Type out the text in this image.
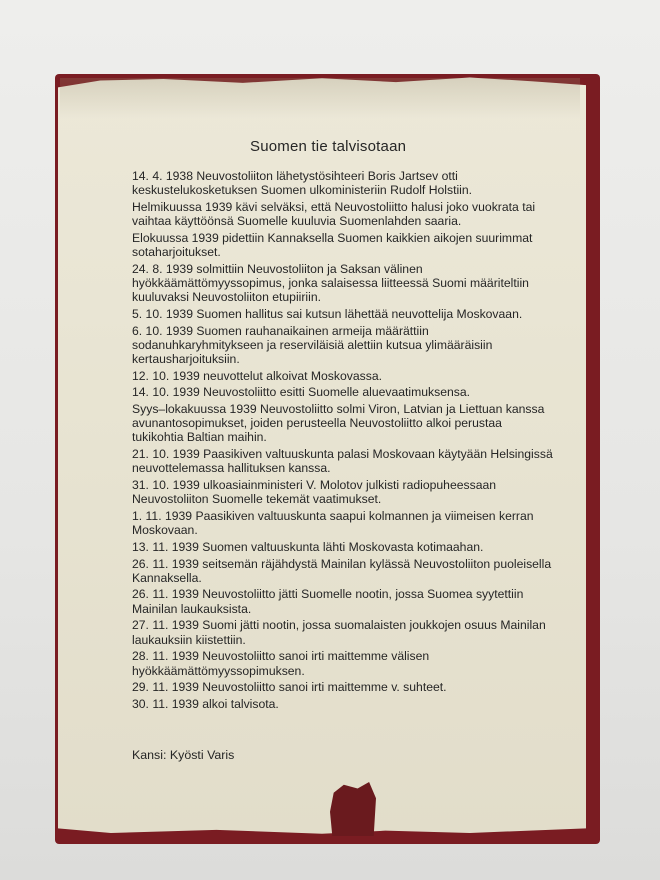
Suomen tie talvisotaan
14. 4. 1938 Neuvostoliiton lähetystösihteeri Boris Jartsev otti keskustelukosketuksen Suomen ulkoministeriin Rudolf Holstiin.
Helmikuussa 1939 kävi selväksi, että Neuvostoliitto halusi joko vuokrata tai vaihtaa käyttöönsä Suomelle kuuluvia Suomenlahden saaria.
Elokuussa 1939 pidettiin Kannaksella Suomen kaikkien aikojen suurimmat sotaharjoitukset.
24. 8. 1939 solmittiin Neuvostoliiton ja Saksan välinen hyökkäämättömyyssopimus, jonka salaisessa liitteessä Suomi määriteltiin kuuluvaksi Neuvostoliiton etupiiriin.
5. 10. 1939 Suomen hallitus sai kutsun lähettää neuvottelija Moskovaan.
6. 10. 1939 Suomen rauhanaikainen armeija määrättiin sodanuhkaryhmitykseen ja reserviläisiä alettiin kutsua ylimääräisiin kertausharjoituksiin.
12. 10. 1939 neuvottelut alkoivat Moskovassa.
14. 10. 1939 Neuvostoliitto esitti Suomelle aluevaatimuksensa.
Syys–lokakuussa 1939 Neuvostoliitto solmi Viron, Latvian ja Liettuan kanssa avunantosopimukset, joiden perusteella Neuvostoliitto alkoi perustaa tukikohtia Baltian maihin.
21. 10. 1939 Paasikiven valtuuskunta palasi Moskovaan käytyään Helsingissä neuvottelemassa hallituksen kanssa.
31. 10. 1939 ulkoasiainministeri V. Molotov julkisti radiopuheessaan Neuvostoliiton Suomelle tekemät vaatimukset.
1. 11. 1939 Paasikiven valtuuskunta saapui kolmannen ja viimeisen kerran Moskovaan.
13. 11. 1939 Suomen valtuuskunta lähti Moskovasta kotimaahan.
26. 11. 1939 seitsemän räjähdystä Mainilan kylässä Neuvostoliiton puoleisella Kannaksella.
26. 11. 1939 Neuvostoliitto jätti Suomelle nootin, jossa Suomea syytettiin Mainilan laukauksista.
27. 11. 1939 Suomi jätti nootin, jossa suomalaisten joukkojen osuus Mainilan laukauksiin kiistettiin.
28. 11. 1939 Neuvostoliitto sanoi irti maittemme välisen hyökkäämättömyyssopimuksen.
29. 11. 1939 Neuvostoliitto sanoi irti maittemme v. suhteet.
30. 11. 1939 alkoi talvisota.
Kansi: Kyösti Varis
